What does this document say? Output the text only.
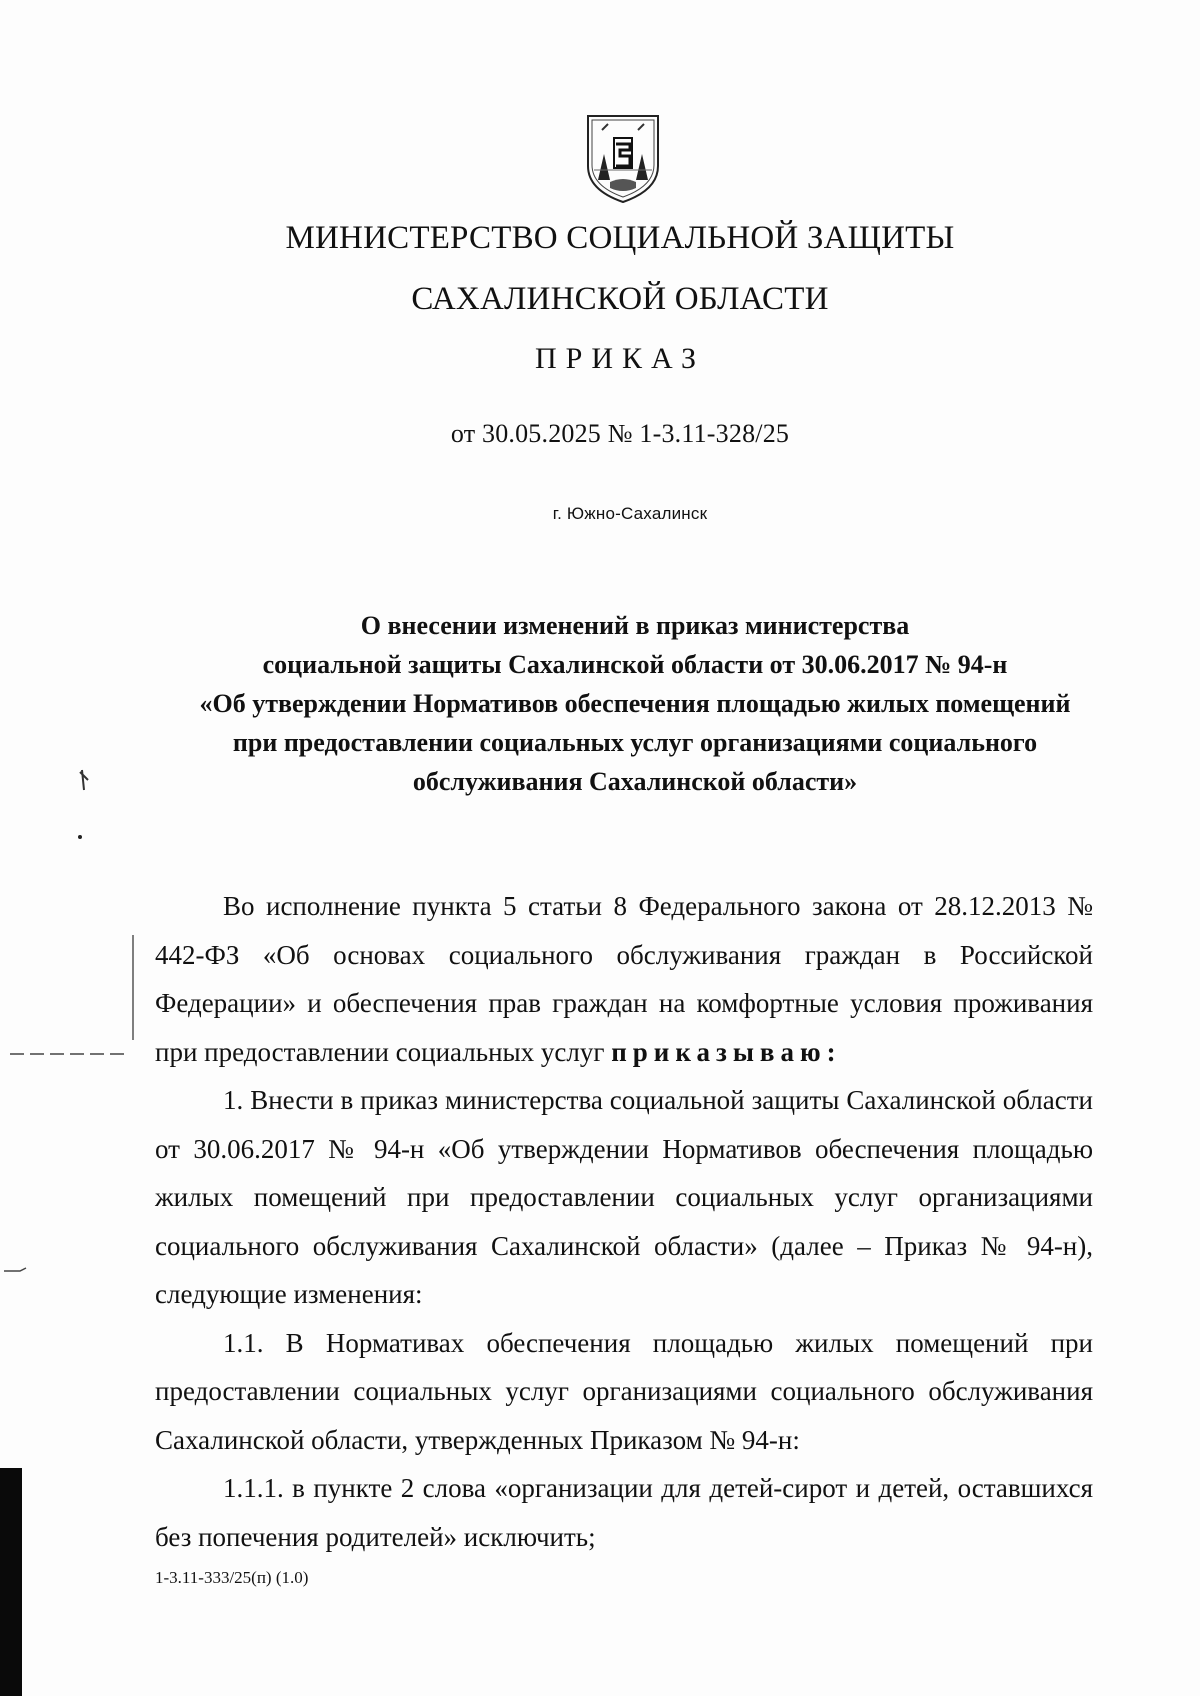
МИНИСТЕРСТВО СОЦИАЛЬНОЙ ЗАЩИТЫ
САХАЛИНСКОЙ ОБЛАСТИ
ПРИКАЗ
от 30.05.2025 № 1-3.11-328/25
г. Южно-Сахалинск
О внесении изменений в приказ министерства
социальной защиты Сахалинской области от 30.06.2017 № 94-н
«Об утверждении Нормативов обеспечения площадью жилых помещений
при предоставлении социальных услуг организациями социального
обслуживания Сахалинской области»

Во исполнение пункта 5 статьи 8 Федерального закона от 28.12.2013 № 442-ФЗ «Об основах социального обслуживания граждан в Российской Федерации» и обеспечения прав граждан на комфортные условия проживания при предоставлении социальных услуг приказываю:

1. Внести в приказ министерства социальной защиты Сахалинской области от 30.06.2017 № 94-н «Об утверждении Нормативов обеспечения площадью жилых помещений при предоставлении социальных услуг организациями социального обслуживания Сахалинской области» (далее – Приказ № 94-н), следующие изменения:

1.1. В Нормативах обеспечения площадью жилых помещений при предоставлении социальных услуг организациями социального обслуживания Сахалинской области, утвержденных Приказом № 94-н:

1.1.1. в пункте 2 слова «организации для детей-сирот и детей, оставшихся без попечения родителей» исключить;

1-3.11-333/25(п) (1.0)
